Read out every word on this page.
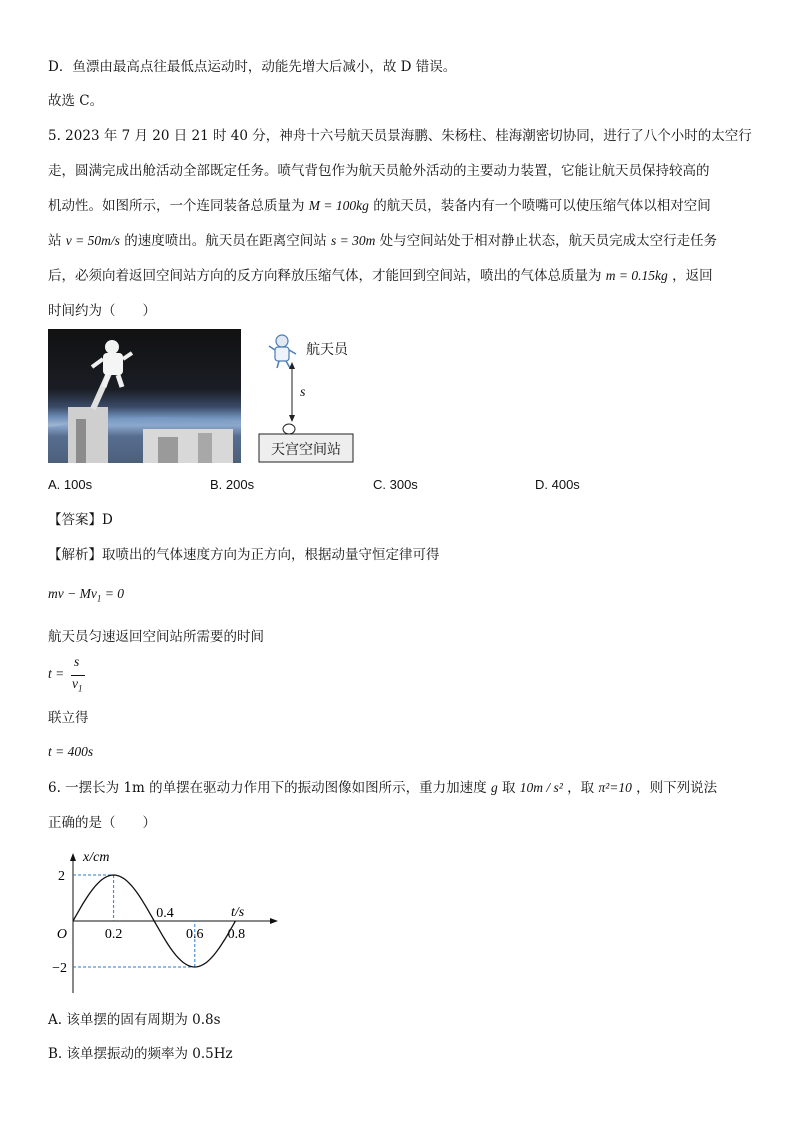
D．鱼漂由最高点往最低点运动时，动能先增大后减小，故 D 错误。
故选 C。
5. 2023 年 7 月 20 日 21 时 40 分，神舟十六号航天员景海鹏、朱杨柱、桂海潮密切协同，进行了八个小时的太空行
走，圆满完成出舱活动全部既定任务。喷气背包作为航天员舱外活动的主要动力装置，它能让航天员保持较高的
机动性。如图所示，一个连同装备总质量为 M = 100kg 的航天员，装备内有一个喷嘴可以使压缩气体以相对空间
站 v = 50m/s 的速度喷出。航天员在距离空间站 s = 30m 处与空间站处于相对静止状态，航天员完成太空行走任务
后，必须向着返回空间站方向的反方向释放压缩气体，才能回到空间站，喷出的气体总质量为 m = 0.15kg ，返回
时间约为（　　）
航天员
s
天宫空间站
A. 100s	B. 200s	C. 300s	D. 400s
【答案】D
【解析】取喷出的气体速度方向为正方向，根据动量守恒定律可得
mv − $Mv_1 = 0$
航天员匀速返回空间站所需要的时间
t =
s
$v_1$
联立得
t = 400s
6. 一摆长为 1m 的单摆在驱动力作用下的振动图像如图所示，重力加速度 g 取 10m / s² ，取 π²=10 ，则下列说法
正确的是（　　）
x/cm
t/s
2
−2
O	0.2
0.4
0.6 0.8
A. 该单摆的固有周期为 0.8s
B. 该单摆振动的频率为 0.5Hz
